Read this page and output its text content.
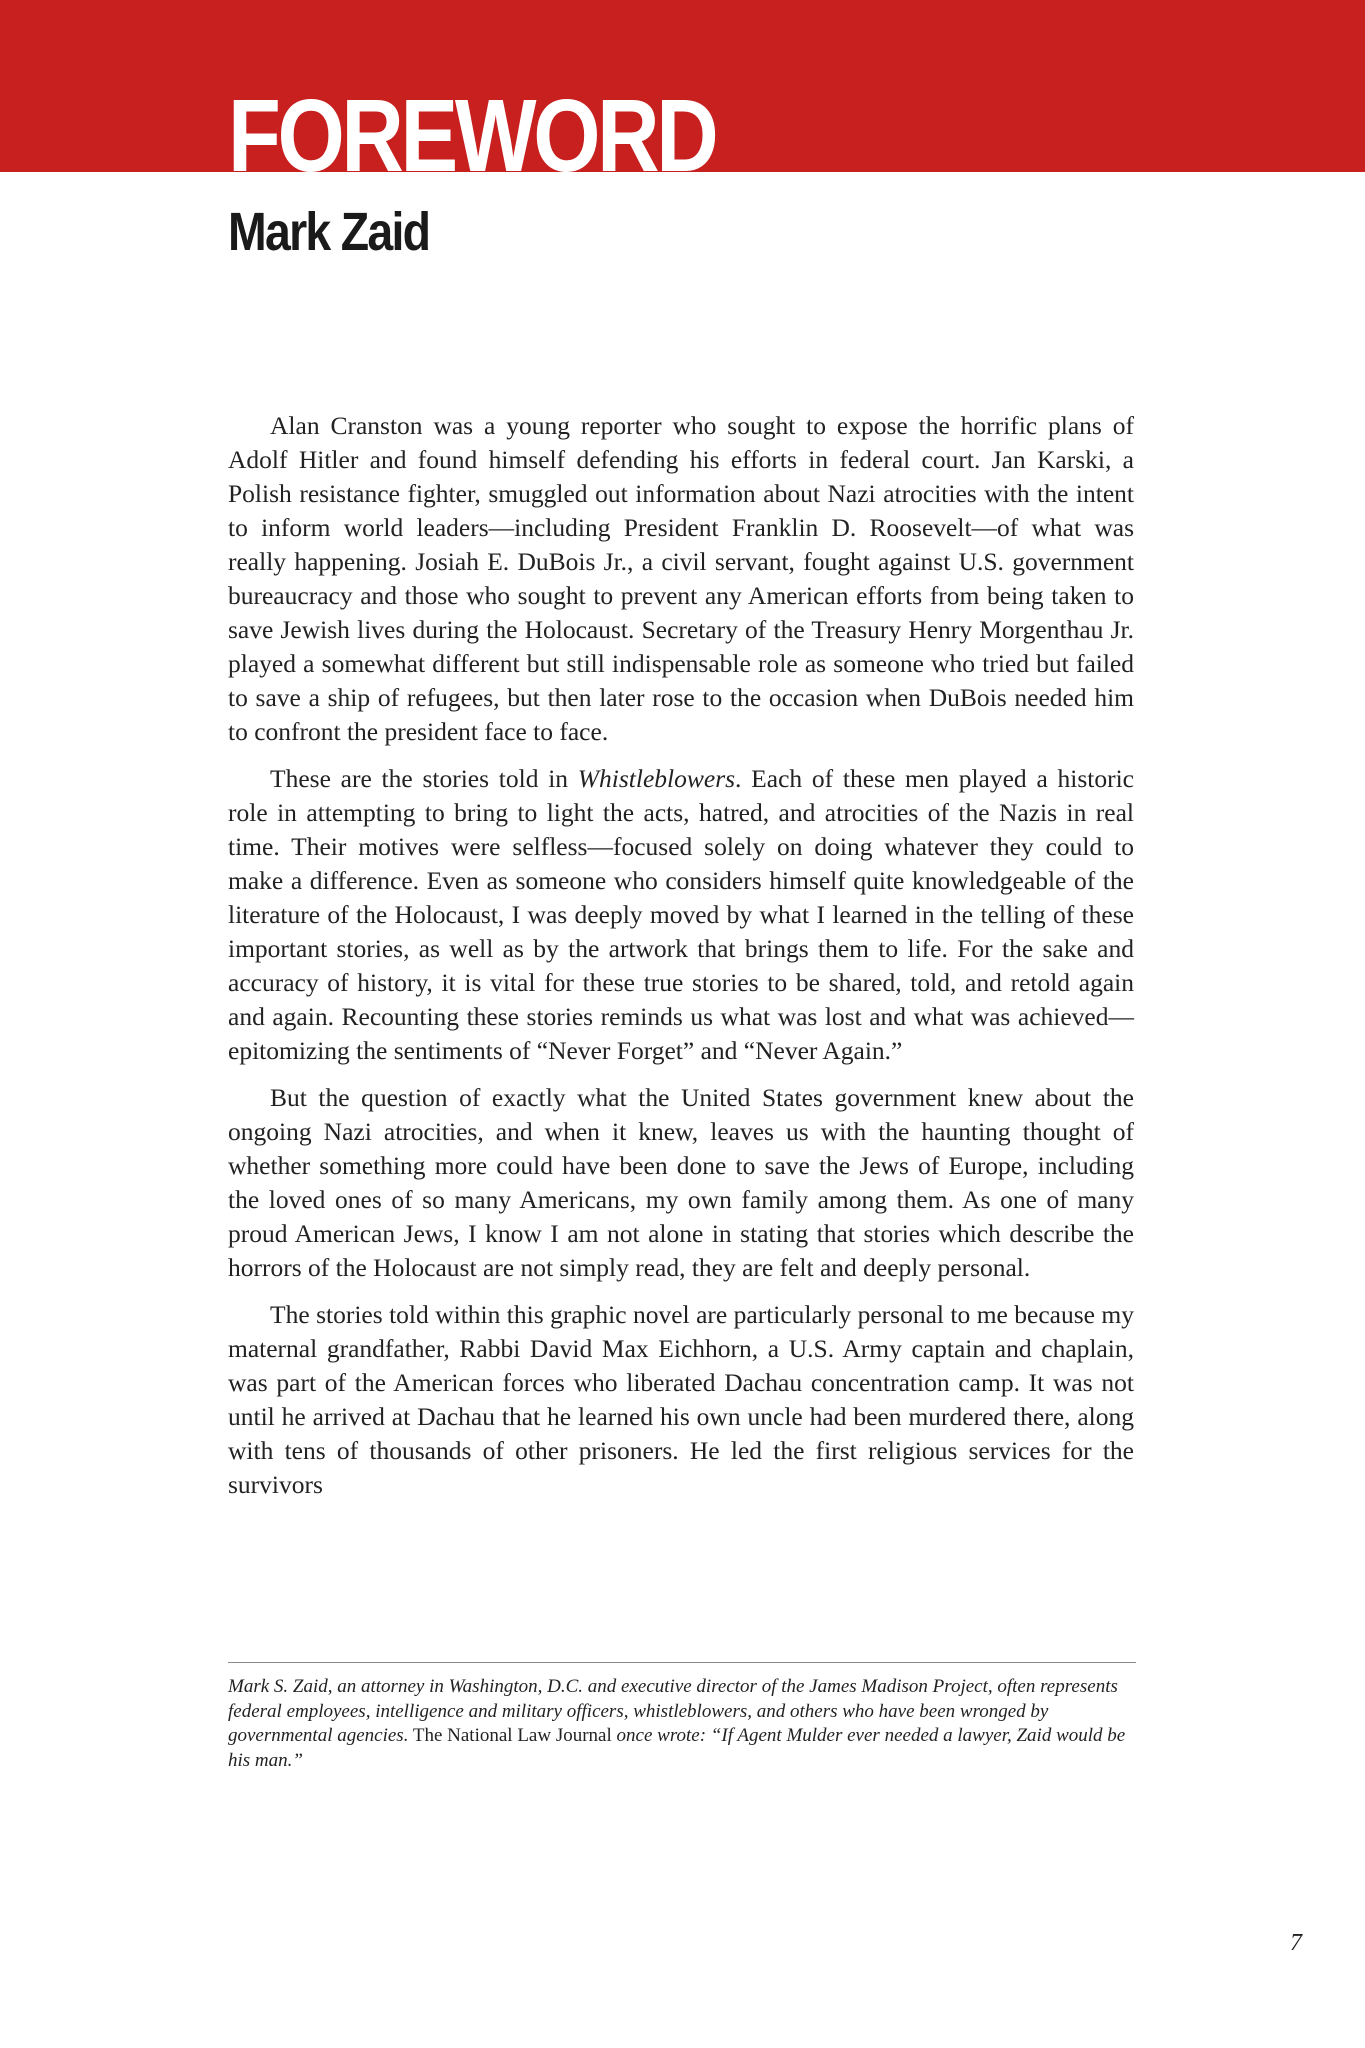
FOREWORD
Mark Zaid

Alan Cranston was a young reporter who sought to expose the horrific plans of Adolf Hitler and found himself defending his efforts in federal court. Jan Karski, a Polish resistance fighter, smuggled out information about Nazi atrocities with the intent to inform world leaders—including President Franklin D. Roosevelt—of what was really happening. Josiah E. DuBois Jr., a civil servant, fought against U.S. government bureaucracy and those who sought to prevent any American efforts from being taken to save Jewish lives during the Holocaust. Secretary of the Treasury Henry Morgenthau Jr. played a somewhat different but still indispensable role as someone who tried but failed to save a ship of refugees, but then later rose to the occasion when DuBois needed him to confront the president face to face.

These are the stories told in Whistleblowers. Each of these men played a historic role in attempting to bring to light the acts, hatred, and atrocities of the Nazis in real time. Their motives were selfless—focused solely on doing whatever they could to make a difference. Even as someone who considers himself quite knowledgeable of the literature of the Holocaust, I was deeply moved by what I learned in the telling of these important stories, as well as by the artwork that brings them to life. For the sake and accuracy of history, it is vital for these true stories to be shared, told, and retold again and again. Recounting these stories reminds us what was lost and what was achieved—epitomizing the sentiments of “Never Forget” and “Never Again.”

But the question of exactly what the United States government knew about the ongoing Nazi atrocities, and when it knew, leaves us with the haunting thought of whether something more could have been done to save the Jews of Europe, including the loved ones of so many Americans, my own family among them. As one of many proud American Jews, I know I am not alone in stating that stories which describe the horrors of the Holocaust are not simply read, they are felt and deeply personal.

The stories told within this graphic novel are particularly personal to me because my maternal grandfather, Rabbi David Max Eichhorn, a U.S. Army captain and chaplain, was part of the American forces who liberated Dachau concentration camp. It was not until he arrived at Dachau that he learned his own uncle had been murdered there, along with tens of thousands of other prisoners. He led the first religious services for the survivors

Mark S. Zaid, an attorney in Washington, D.C. and executive director of the James Madison Project, often represents federal employees, intelligence and military officers, whistleblowers, and others who have been wronged by governmental agencies. The National Law Journal once wrote: “If Agent Mulder ever needed a lawyer, Zaid would be his man.”
7
